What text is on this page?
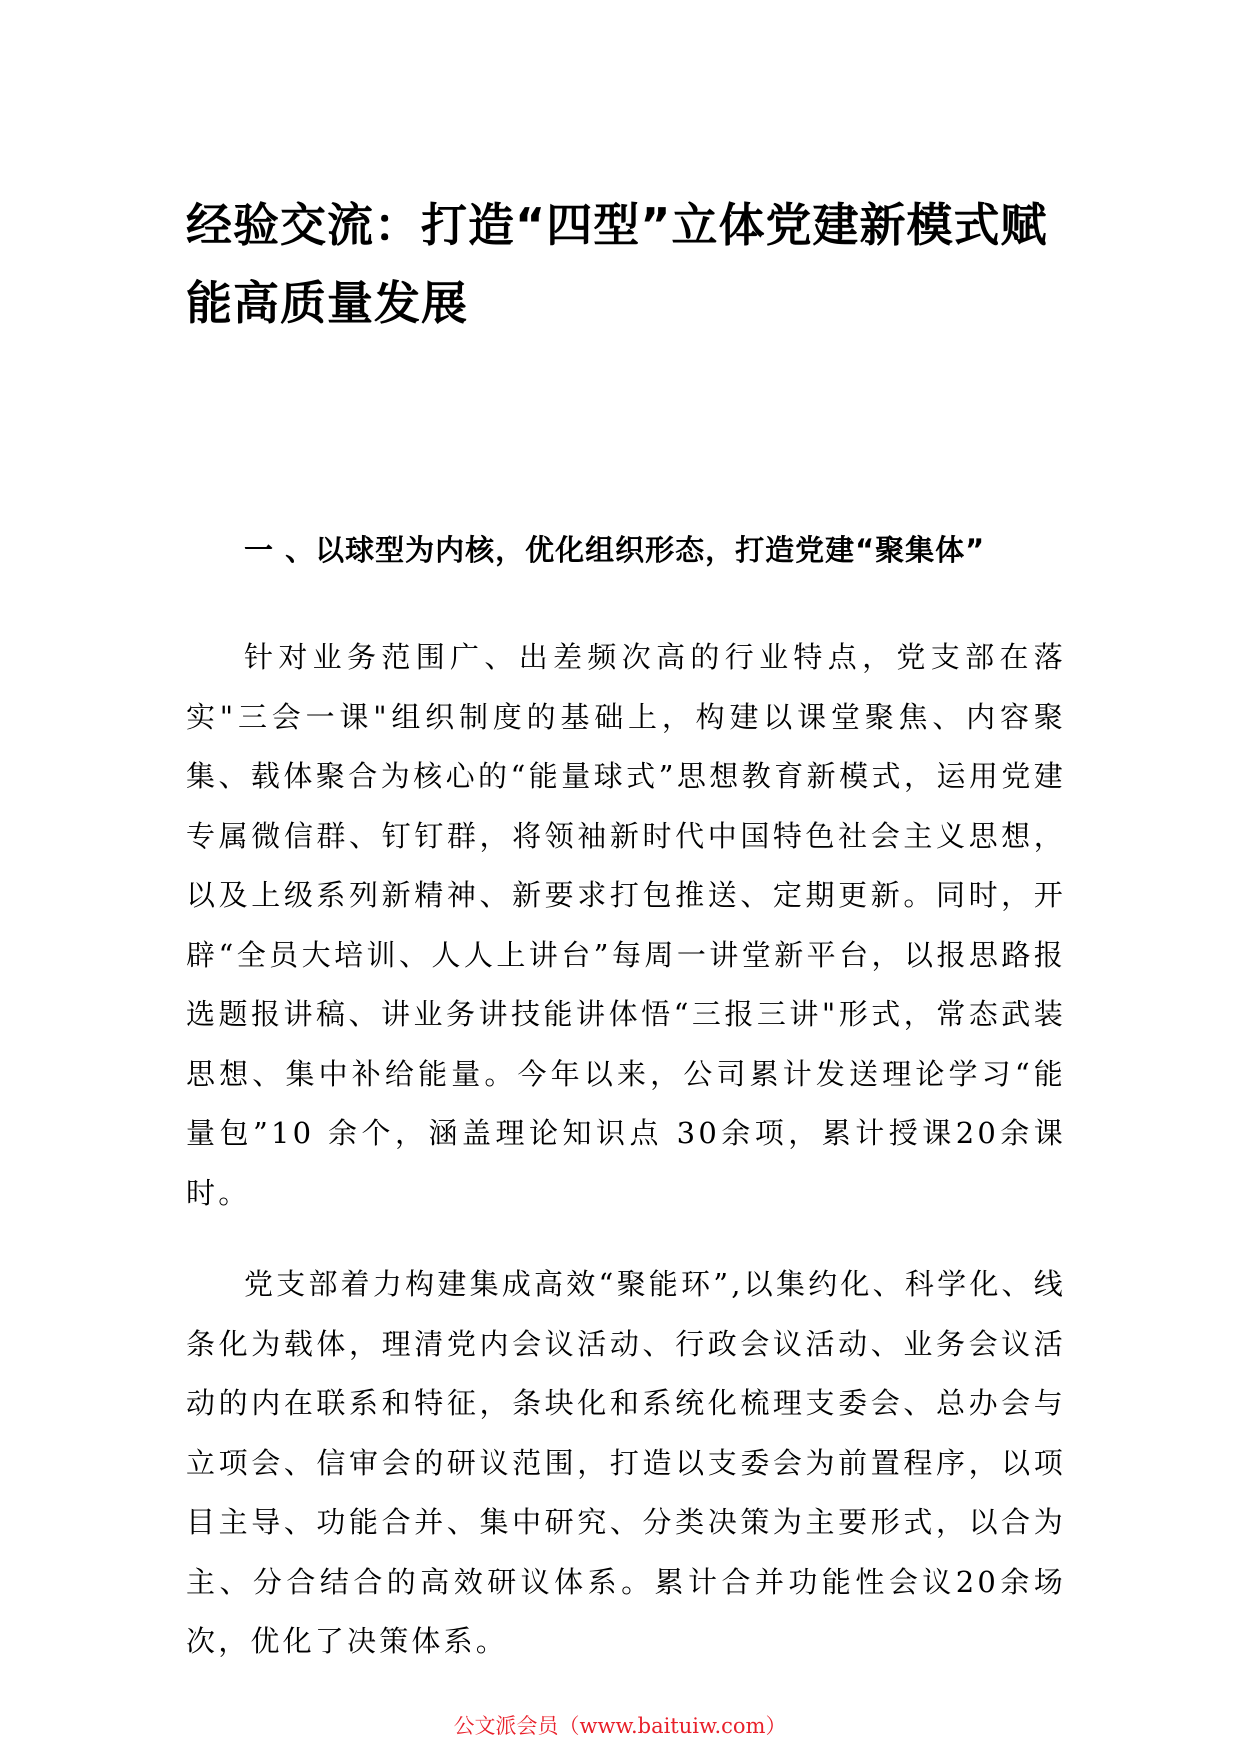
经验交流：打造“四型”立体党建新模式赋能高质量发展
一 、以球型为内核，优化组织形态，打造党建“聚集体”

针对业务范围广、出差频次高的行业特点，党支部在落实"三会一课"组织制度的基础上，构建以课堂聚焦、内容聚集、载体聚合为核心的“能量球式”思想教育新模式，运用党建专属微信群、钉钉群，将领袖新时代中国特色社会主义思想，以及上级系列新精神、新要求打包推送、定期更新。同时，开辟“全员大培训、人人上讲台”每周一讲堂新平台，以报思路报选题报讲稿、讲业务讲技能讲体悟“三报三讲"形式，常态武装思想、集中补给能量。今年以来，公司累计发送理论学习“能量包”10 余个，涵盖理论知识点 30余项，累计授课20余课时。

党支部着力构建集成高效“聚能环”,以集约化、科学化、线条化为载体，理清党内会议活动、行政会议活动、业务会议活动的内在联系和特征，条块化和系统化梳理支委会、总办会与立项会、信审会的研议范围，打造以支委会为前置程序，以项目主导、功能合并、集中研究、分类决策为主要形式，以合为主、分合结合的高效研议体系。累计合并功能性会议20余场次，优化了决策体系。

公文派会员（www.baituiw.com）
